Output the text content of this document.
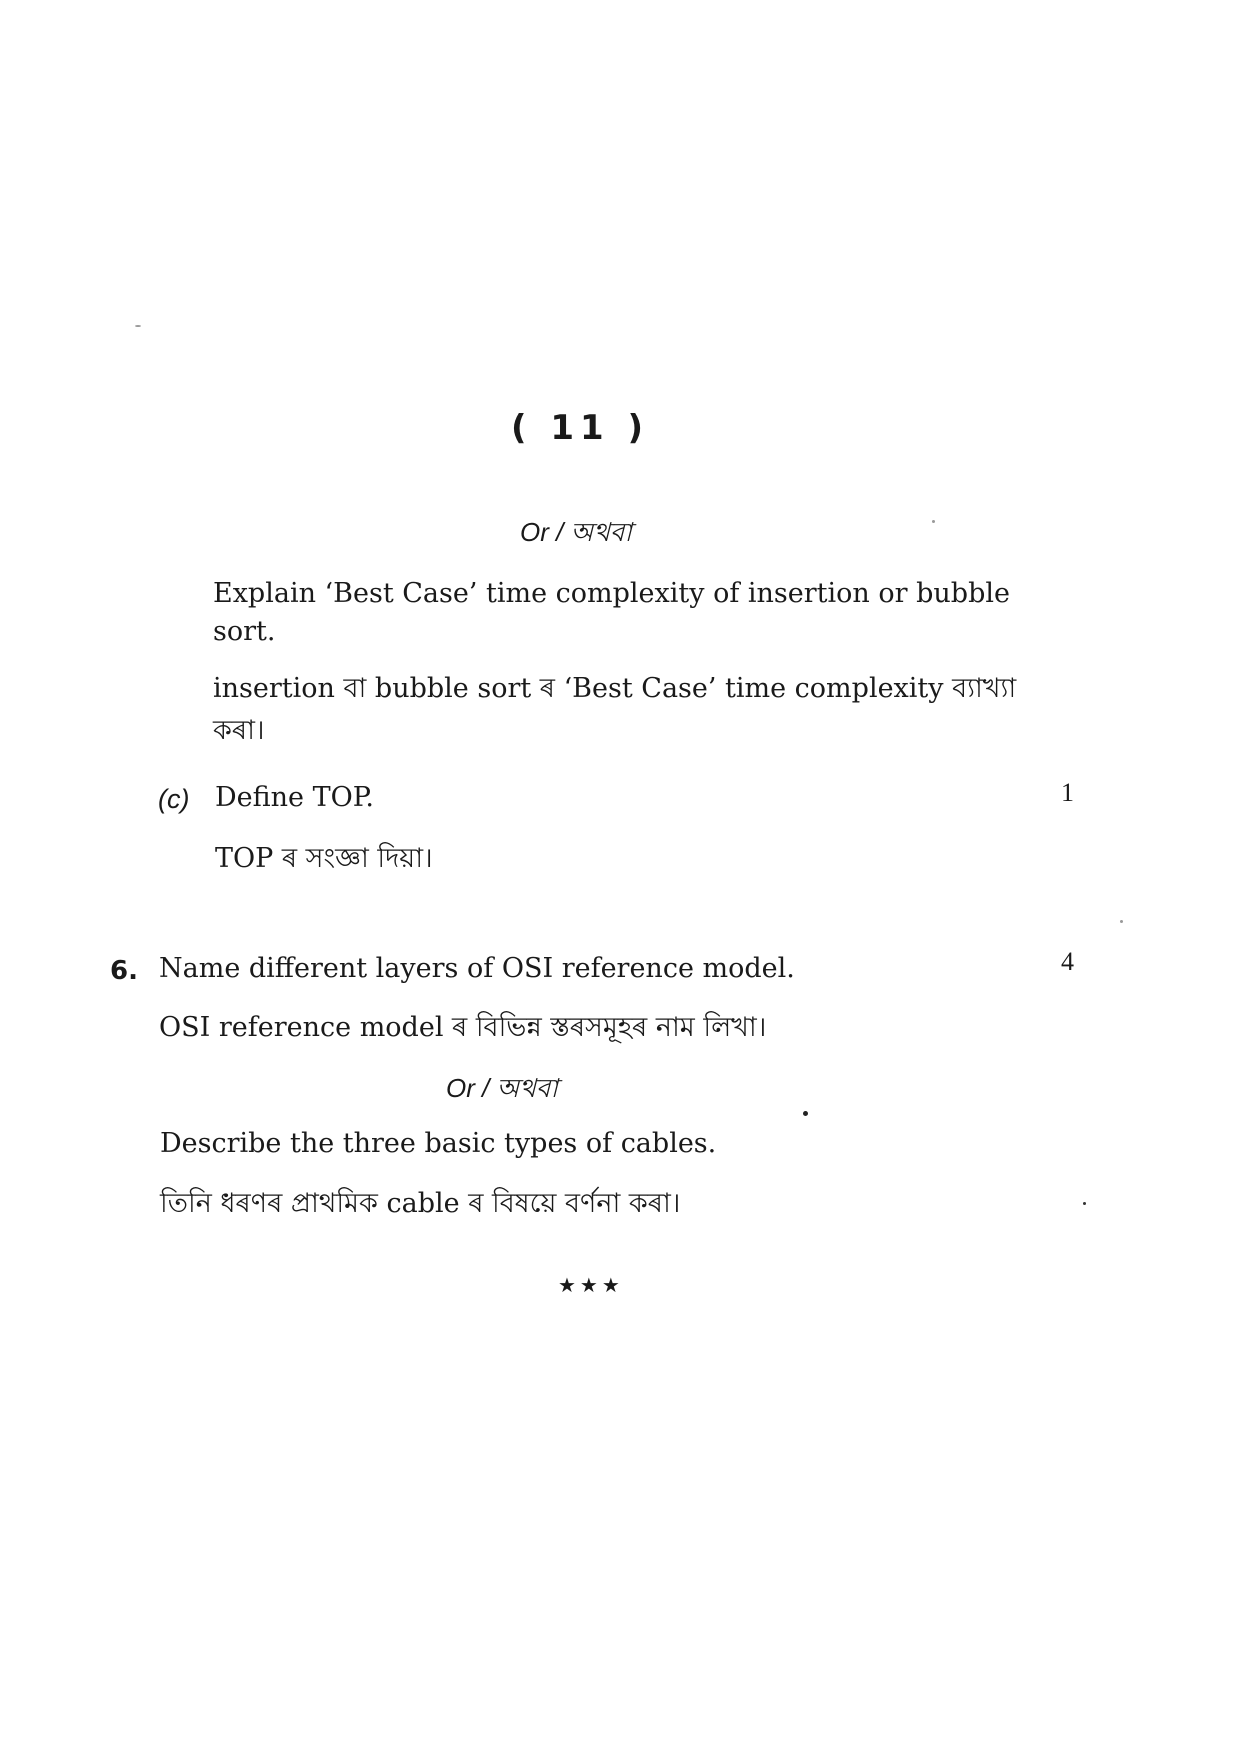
( 11 )
Or / অথবা
Explain ‘Best Case’ time complexity of insertion or bubble
sort.
insertion বা bubble sort ৰ ‘Best Case’ time complexity ব্যাখ্যা
কৰা।
(c) Define TOP.	1
TOP ৰ সংজ্ঞা দিয়া।
6. Name different layers of OSI reference model.	4
OSI reference model ৰ বিভিন্ন স্তৰসমূহৰ নাম লিখা।
Or / অথবা
Describe the three basic types of cables.
তিনি ধৰণৰ প্ৰাথমিক cable ৰ বিষয়ে বৰ্ণনা কৰা।
★★★
